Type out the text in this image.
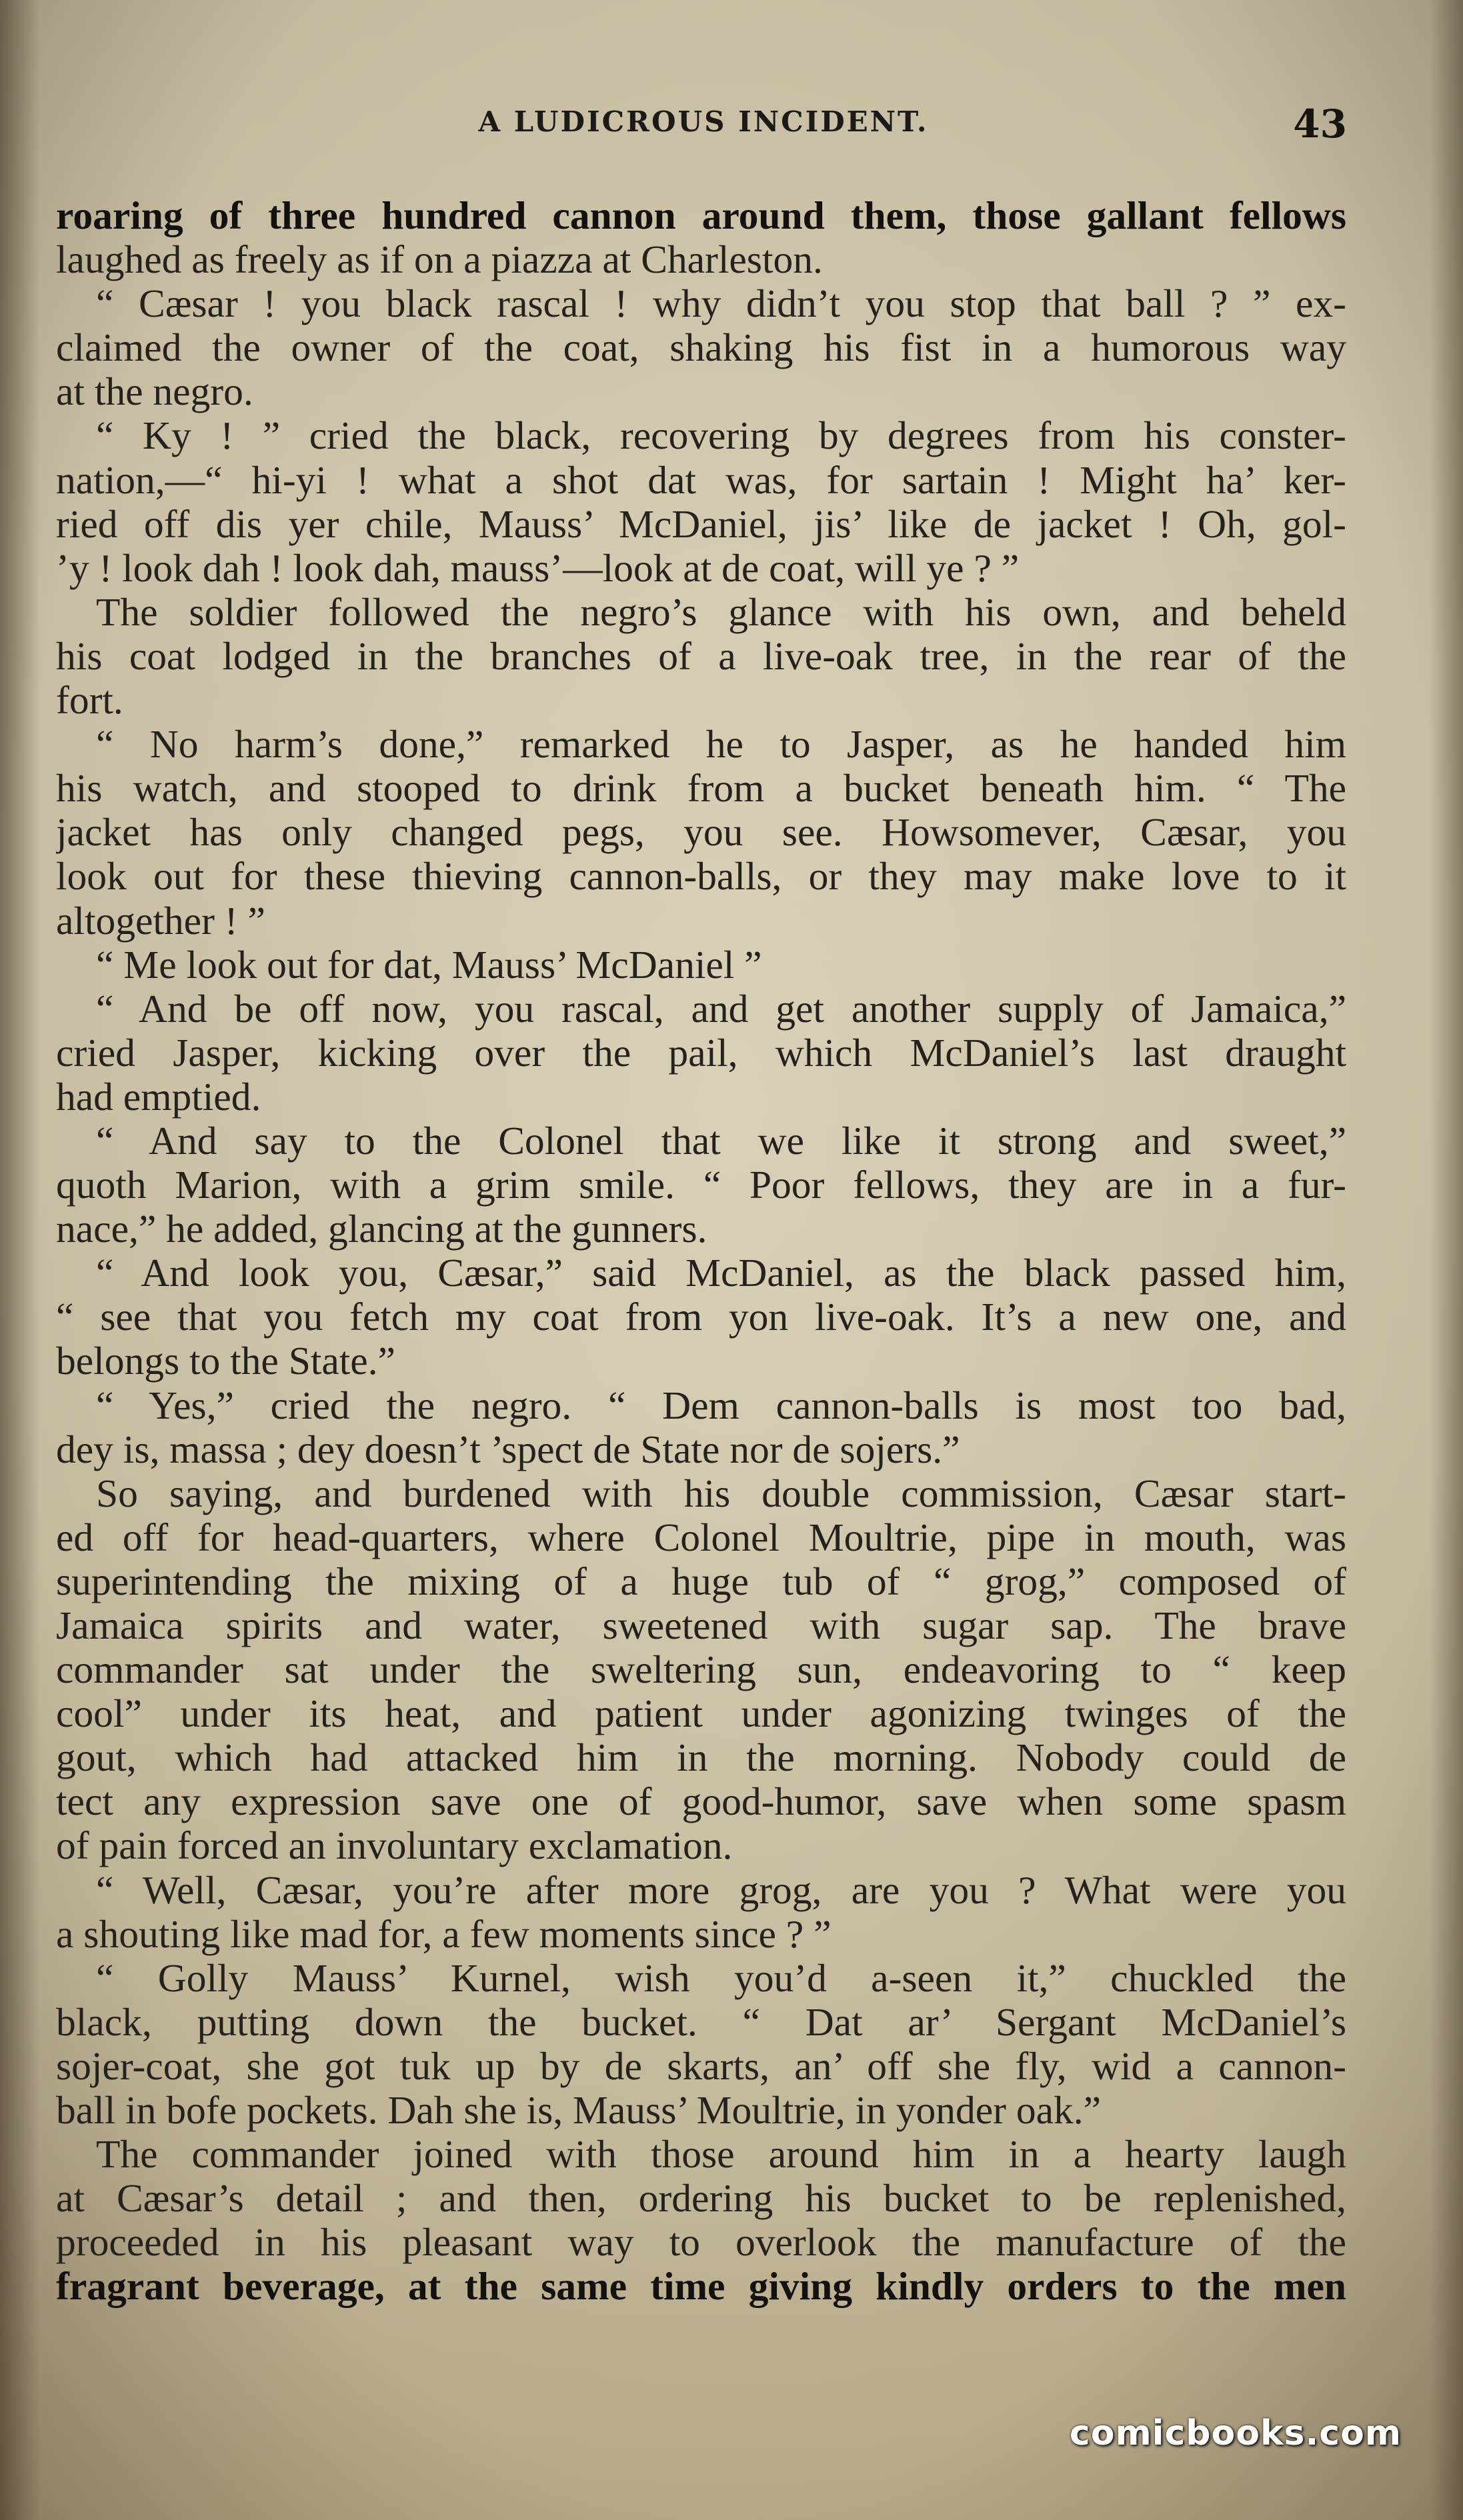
A LUDICROUS INCIDENT.	43
roaring of three hundred cannon around them, those gallant fellows
laughed as freely as if on a piazza at Charleston.
“ Cæsar ! you black rascal ! why didn’t you stop that ball ? ” ex-
claimed the owner of the coat, shaking his fist in a humorous way
at the negro.
“ Ky ! ” cried the black, recovering by degrees from his conster-
nation,—“ hi-yi ! what a shot dat was, for sartain ! Might ha’ ker-
ried off dis yer chile, Mauss’ McDaniel, jis’ like de jacket ! Oh, gol-
’y ! look dah ! look dah, mauss’—look at de coat, will ye ? ”
The soldier followed the negro’s glance with his own, and beheld
his coat lodged in the branches of a live-oak tree, in the rear of the
fort.
“ No harm’s done,” remarked he to Jasper, as he handed him
his watch, and stooped to drink from a bucket beneath him. “ The
jacket has only changed pegs, you see. Howsomever, Cæsar, you
look out for these thieving cannon-balls, or they may make love to it
altogether ! ”
“ Me look out for dat, Mauss’ McDaniel ”
“ And be off now, you rascal, and get another supply of Jamaica,”
cried Jasper, kicking over the pail, which McDaniel’s last draught
had emptied.
“ And say to the Colonel that we like it strong and sweet,”
quoth Marion, with a grim smile. “ Poor fellows, they are in a fur-
nace,” he added, glancing at the gunners.
“ And look you, Cæsar,” said McDaniel, as the black passed him,
“ see that you fetch my coat from yon live-oak. It’s a new one, and
belongs to the State.”
“ Yes,” cried the negro. “ Dem cannon-balls is most too bad,
dey is, massa ; dey doesn’t ’spect de State nor de sojers.”
So saying, and burdened with his double commission, Cæsar start-
ed off for head-quarters, where Colonel Moultrie, pipe in mouth, was
superintending the mixing of a huge tub of “ grog,” composed of
Jamaica spirits and water, sweetened with sugar sap. The brave
commander sat under the sweltering sun, endeavoring to “ keep
cool” under its heat, and patient under agonizing twinges of the
gout, which had attacked him in the morning. Nobody could de
tect any expression save one of good-humor, save when some spasm
of pain forced an involuntary exclamation.
“ Well, Cæsar, you’re after more grog, are you ? What were you
a shouting like mad for, a few moments since ? ”
“ Golly Mauss’ Kurnel, wish you’d a-seen it,” chuckled the
black, putting down the bucket. “ Dat ar’ Sergant McDaniel’s
sojer-coat, she got tuk up by de skarts, an’ off she fly, wid a cannon-
ball in bofe pockets. Dah she is, Mauss’ Moultrie, in yonder oak.”
The commander joined with those around him in a hearty laugh
at Cæsar’s detail ; and then, ordering his bucket to be replenished,
proceeded in his pleasant way to overlook the manufacture of the
fragrant beverage, at the same time giving kindly orders to the men
comicbooks.com
